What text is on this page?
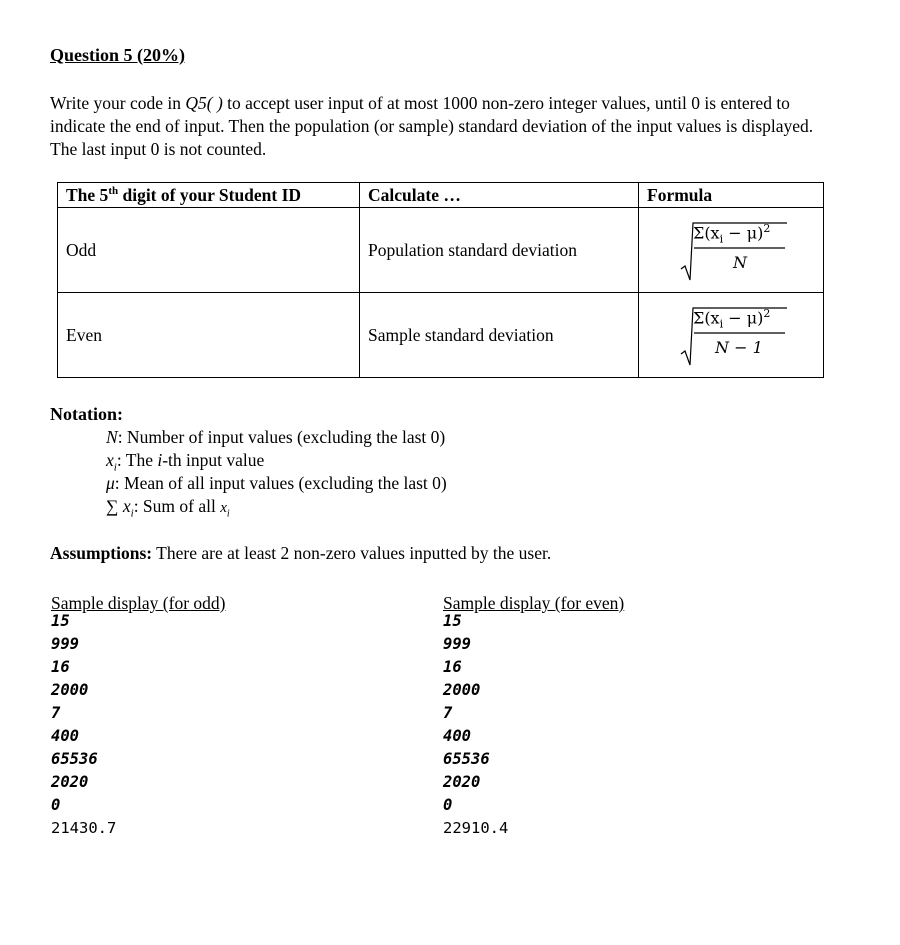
Question 5 (20%)
Write your code in Q5( ) to accept user input of at most 1000 non-zero integer values, until 0 is entered to indicate the end of input. Then the population (or sample) standard deviation of the input values is displayed. The last input 0 is not counted.
The 5th digit of your Student ID	Calculate …	Formula
Odd	Population standard deviation	$\Sigma(x_i - \mu)^2$
N

Even	Sample standard deviation	$\Sigma(x_i - \mu)^2$
N − 1
Notation:
N: Number of input values (excluding the last 0)
$x_i$: The i-th input value
μ: Mean of all input values (excluding the last 0)
∑ $x_i$: Sum of all $x_i$
Assumptions: There are at least 2 non-zero values inputted by the user.
Sample display (for odd)
15
999
16
2000
7
400
65536
2020
0
21430.7
Sample display (for even)
15
999
16
2000
7
400
65536
2020
0
22910.4
